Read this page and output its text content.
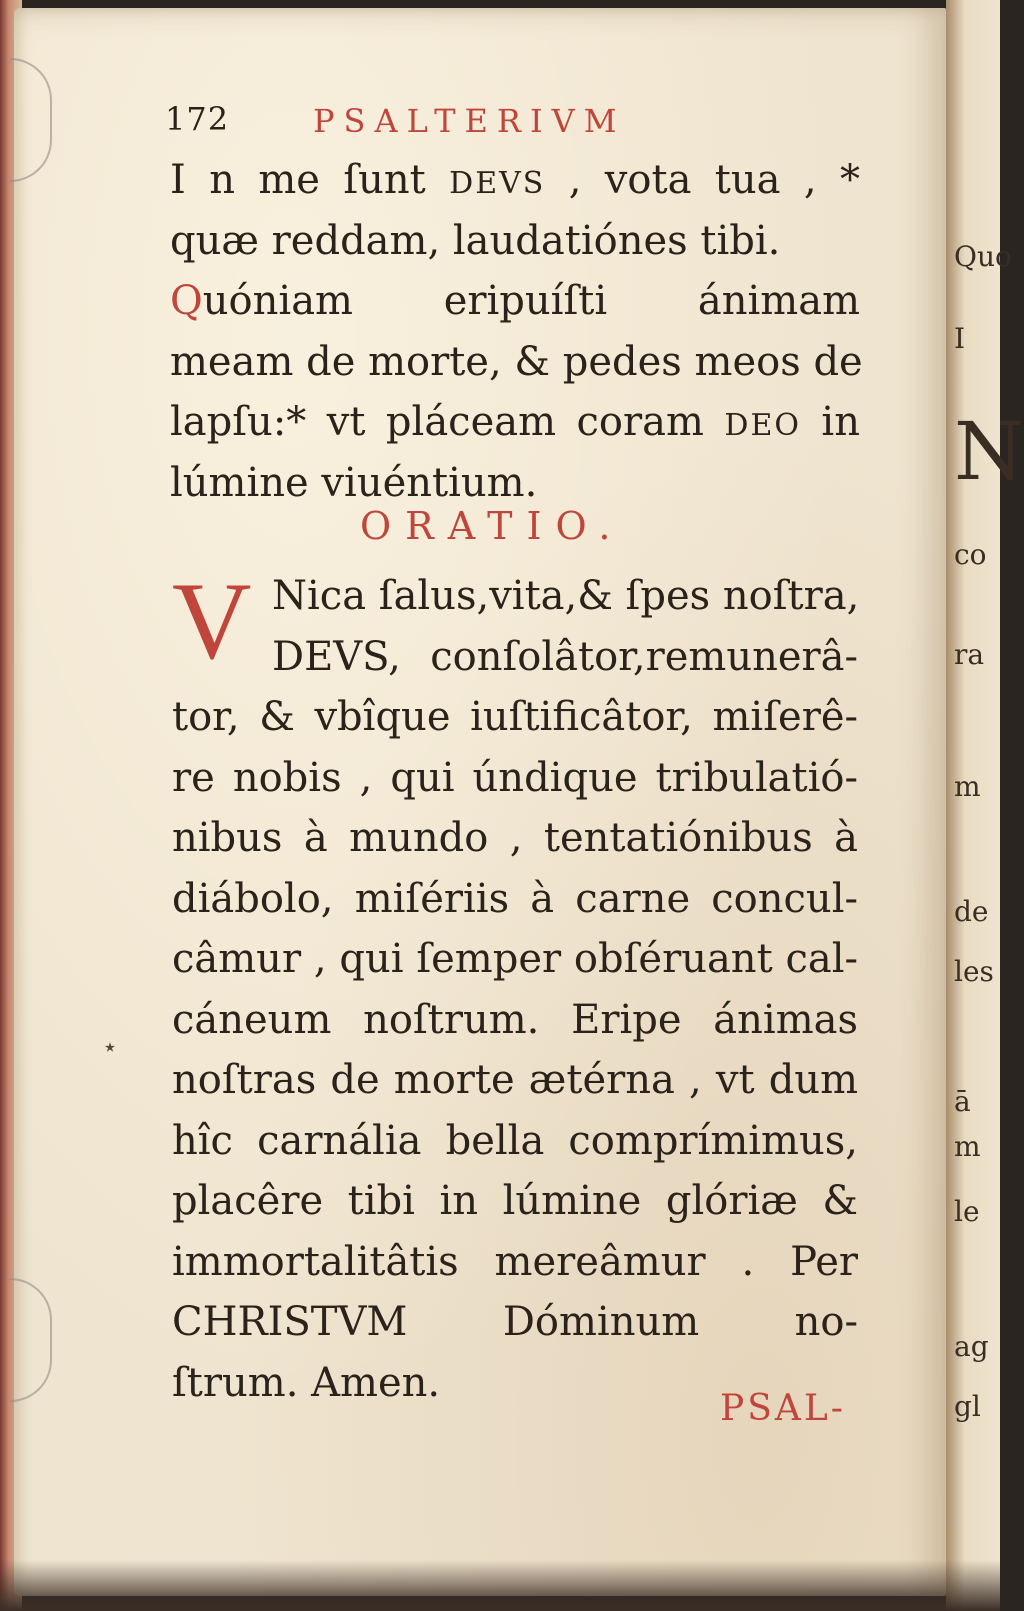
Quo
I
N
co
ra
m
de
les
ā
m
le
ag
gl
172	PSALTERIVM
I n me ſunt DEVS , vota tua , *
quæ reddam, laudatiónes tibi.
Quóniam eripuíſti ánimam
meam de morte, & pedes meos de
lapſu:* vt pláceam coram DEO in
lúmine viuéntium.
ORATIO.
V Nica ſalus,vita,& ſpes noſtra,
DEVS, conſolâtor,remunerâ-
tor, & vbîque iuſtificâtor, miſerê-
re nobis , qui úndique tribulatió-
nibus à mundo , tentatiónibus à
diábolo, miſériis à carne concul-
câmur , qui ſemper obſéruant cal-
cáneum noſtrum. Eripe ánimas
noſtras de morte ætérna , vt dum
hîc carnália bella comprímimus,
placêre tibi in lúmine glóriæ &
immortalitâtis mereâmur . Per
CHRISTVM Dóminum no-
ſtrum. Amen.
PSAL-
٭
